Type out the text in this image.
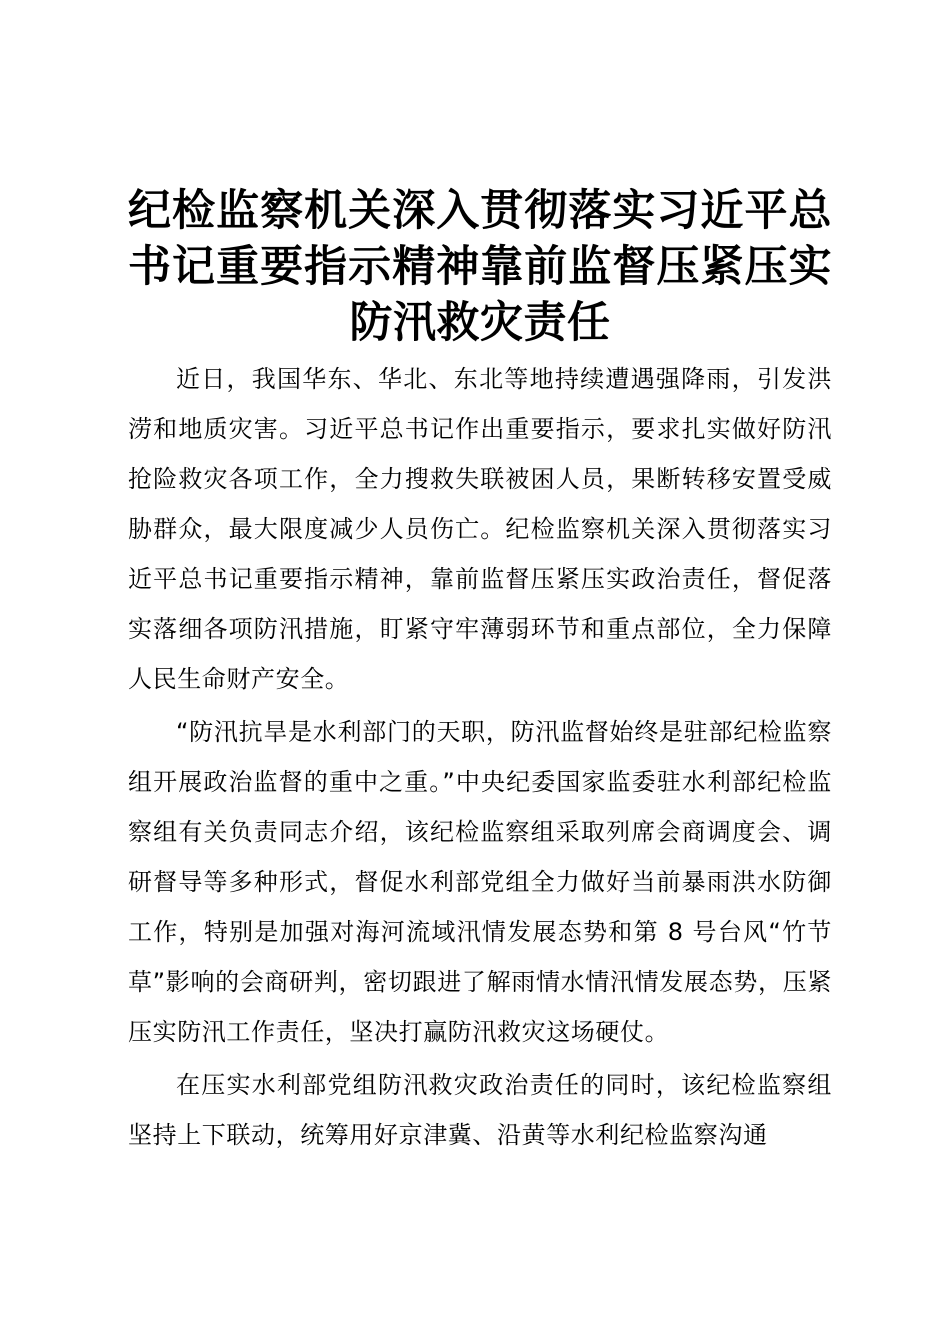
纪检监察机关深入贯彻落实习近平总书记重要指示精神靠前监督压紧压实防汛救灾责任

近日，我国华东、华北、东北等地持续遭遇强降雨，引发洪涝和地质灾害。习近平总书记作出重要指示，要求扎实做好防汛抢险救灾各项工作，全力搜救失联被困人员，果断转移安置受威胁群众，最大限度减少人员伤亡。纪检监察机关深入贯彻落实习近平总书记重要指示精神，靠前监督压紧压实政治责任，督促落实落细各项防汛措施，盯紧守牢薄弱环节和重点部位，全力保障人民生命财产安全。

“防汛抗旱是水利部门的天职，防汛监督始终是驻部纪检监察组开展政治监督的重中之重。”中央纪委国家监委驻水利部纪检监察组有关负责同志介绍，该纪检监察组采取列席会商调度会、调研督导等多种形式，督促水利部党组全力做好当前暴雨洪水防御工作，特别是加强对海河流域汛情发展态势和第 8 号台风“竹节草”影响的会商研判，密切跟进了解雨情水情汛情发展态势，压紧压实防汛工作责任，坚决打赢防汛救灾这场硬仗。

在压实水利部党组防汛救灾政治责任的同时，该纪检监察组坚持上下联动，统筹用好京津冀、沿黄等水利纪检监察沟通
